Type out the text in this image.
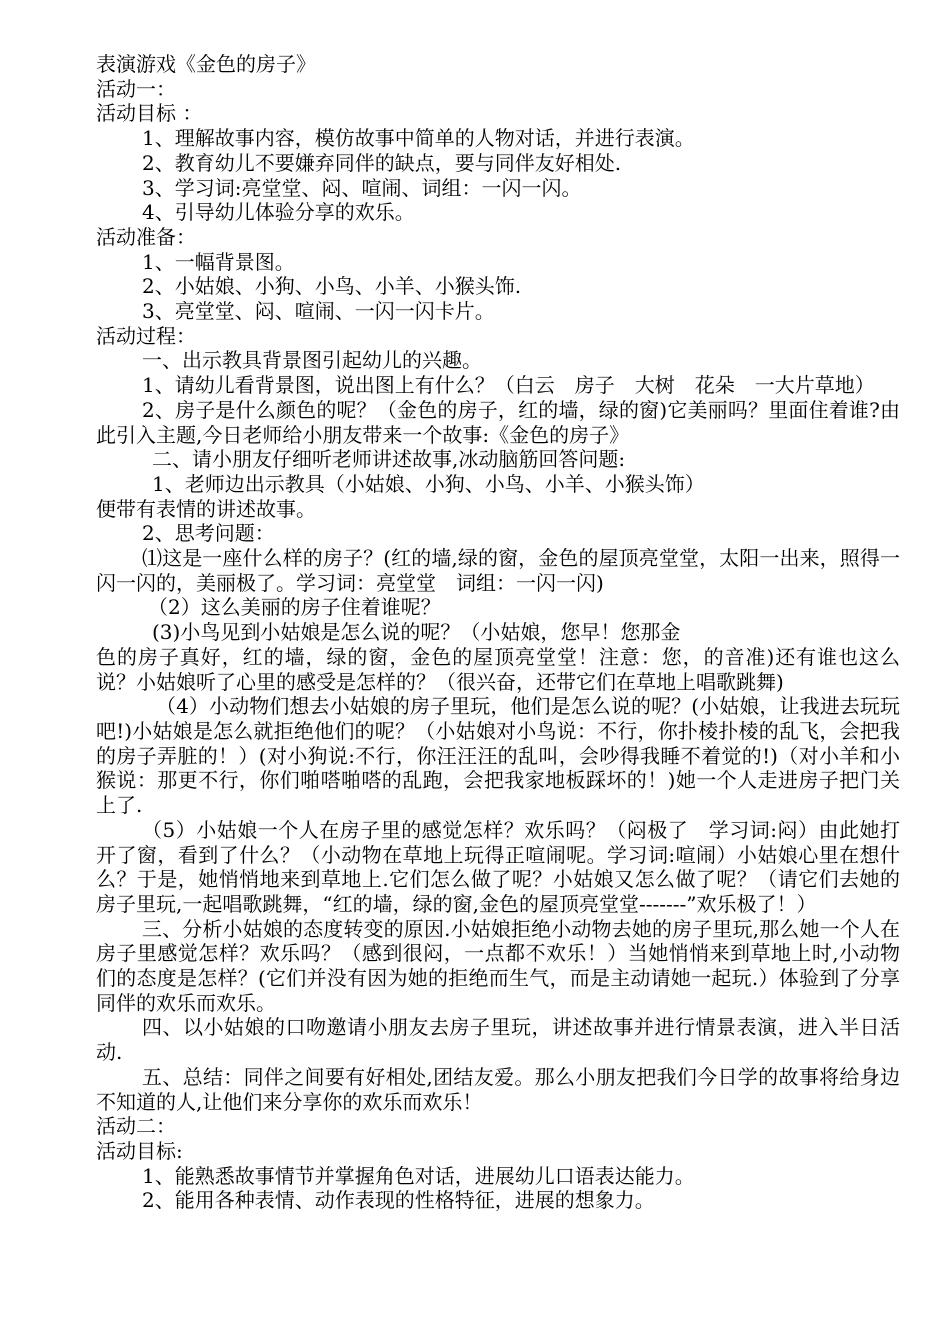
表演游戏《金色的房子》

活动一：

活动目标 ：

1、理解故事内容，模仿故事中简单的人物对话，并进行表演。

2、教育幼儿不要嫌弃同伴的缺点，要与同伴友好相处.

3、学习词:亮堂堂、闷、喧闹、词组：一闪一闪。

4、引导幼儿体验分享的欢乐。

活动准备：

1、一幅背景图。

2、小姑娘、小狗、小鸟、小羊、小猴头饰.

3、亮堂堂、闷、喧闹、一闪一闪卡片。

活动过程：

一、出示教具背景图引起幼儿的兴趣。

1、请幼儿看背景图，说出图上有什么？（白云　房子　大树　花朵　一大片草地）

2、房子是什么颜色的呢？（金色的房子，红的墙，绿的窗)它美丽吗？里面住着谁?由此引入主题,今日老师给小朋友带来一个故事:《金色的房子》

二、请小朋友仔细听老师讲述故事,冰动脑筋回答问题:

1、老师边出示教具（小姑娘、小狗、小鸟、小羊、小猴头饰）

便带有表情的讲述故事。

2、思考问题：

⑴这是一座什么样的房子？(红的墙,绿的窗，金色的屋顶亮堂堂，太阳一出来，照得一闪一闪的，美丽极了。学习词：亮堂堂　词组：一闪一闪)

（2）这么美丽的房子住着谁呢？

(3)小鸟见到小姑娘是怎么说的呢？（小姑娘，您早！您那金

色的房子真好，红的墙，绿的窗，金色的屋顶亮堂堂！注意：您，的音准)还有谁也这么说？小姑娘听了心里的感受是怎样的？（很兴奋，还带它们在草地上唱歌跳舞)

（4）小动物们想去小姑娘的房子里玩，他们是怎么说的呢？(小姑娘，让我进去玩玩吧!)小姑娘是怎么就拒绝他们的呢？（小姑娘对小鸟说：不行，你扑棱扑棱的乱飞，会把我的房子弄脏的！）(对小狗说:不行，你汪汪汪的乱叫，会吵得我睡不着觉的!)（对小羊和小猴说：那更不行，你们啪嗒啪嗒的乱跑，会把我家地板踩坏的！)她一个人走进房子把门关上了.

（5）小姑娘一个人在房子里的感觉怎样？欢乐吗？（闷极了　学习词:闷）由此她打开了窗，看到了什么？（小动物在草地上玩得正喧闹呢。学习词:喧闹）小姑娘心里在想什么？于是，她悄悄地来到草地上.它们怎么做了呢？小姑娘又怎么做了呢？（请它们去她的房子里玩,一起唱歌跳舞，“红的墙，绿的窗,金色的屋顶亮堂堂-------”欢乐极了！）

三、分析小姑娘的态度转变的原因.小姑娘拒绝小动物去她的房子里玩,那么她一个人在房子里感觉怎样？欢乐吗？（感到很闷，一点都不欢乐！）当她悄悄来到草地上时,小动物们的态度是怎样？(它们并没有因为她的拒绝而生气，而是主动请她一起玩.）体验到了分享同伴的欢乐而欢乐。

四、以小姑娘的口吻邀请小朋友去房子里玩，讲述故事并进行情景表演，进入半日活动.

五、总结：同伴之间要有好相处,团结友爱。那么小朋友把我们今日学的故事将给身边不知道的人,让他们来分享你的欢乐而欢乐！

活动二：

活动目标:

1、能熟悉故事情节并掌握角色对话，进展幼儿口语表达能力。

2、能用各种表情、动作表现的性格特征，进展的想象力。
